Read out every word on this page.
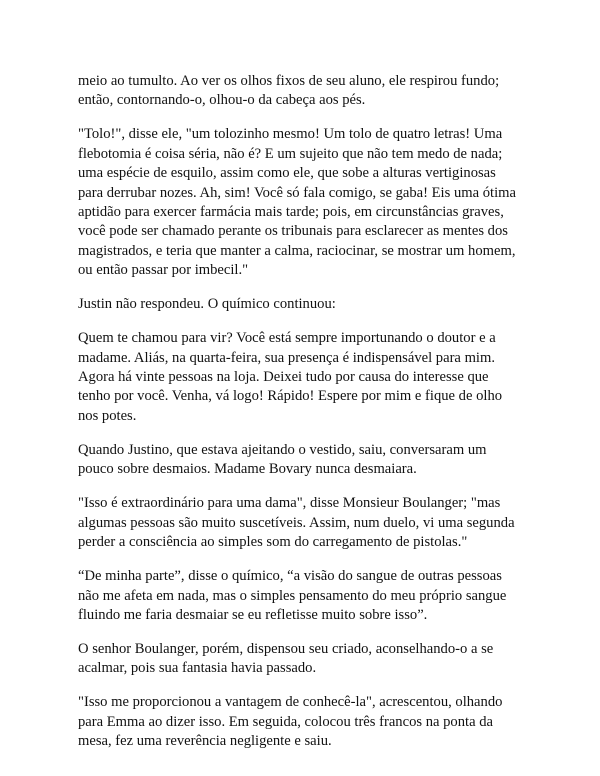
meio ao tumulto. Ao ver os olhos fixos de seu aluno, ele respirou fundo;
então, contornando-o, olhou-o da cabeça aos pés.

"Tolo!", disse ele, "um tolozinho mesmo! Um tolo de quatro letras! Uma
flebotomia é coisa séria, não é? E um sujeito que não tem medo de nada;
uma espécie de esquilo, assim como ele, que sobe a alturas vertiginosas
para derrubar nozes. Ah, sim! Você só fala comigo, se gaba! Eis uma ótima
aptidão para exercer farmácia mais tarde; pois, em circunstâncias graves,
você pode ser chamado perante os tribunais para esclarecer as mentes dos
magistrados, e teria que manter a calma, raciocinar, se mostrar um homem,
ou então passar por imbecil."

Justin não respondeu. O químico continuou:

Quem te chamou para vir? Você está sempre importunando o doutor e a
madame. Aliás, na quarta-feira, sua presença é indispensável para mim.
Agora há vinte pessoas na loja. Deixei tudo por causa do interesse que
tenho por você. Venha, vá logo! Rápido! Espere por mim e fique de olho
nos potes.

Quando Justino, que estava ajeitando o vestido, saiu, conversaram um
pouco sobre desmaios. Madame Bovary nunca desmaiara.

"Isso é extraordinário para uma dama", disse Monsieur Boulanger; "mas
algumas pessoas são muito suscetíveis. Assim, num duelo, vi uma segunda
perder a consciência ao simples som do carregamento de pistolas."

“De minha parte”, disse o químico, “a visão do sangue de outras pessoas
não me afeta em nada, mas o simples pensamento do meu próprio sangue
fluindo me faria desmaiar se eu refletisse muito sobre isso”.

O senhor Boulanger, porém, dispensou seu criado, aconselhando-o a se
acalmar, pois sua fantasia havia passado.

"Isso me proporcionou a vantagem de conhecê-la", acrescentou, olhando
para Emma ao dizer isso. Em seguida, colocou três francos na ponta da
mesa, fez uma reverência negligente e saiu.
